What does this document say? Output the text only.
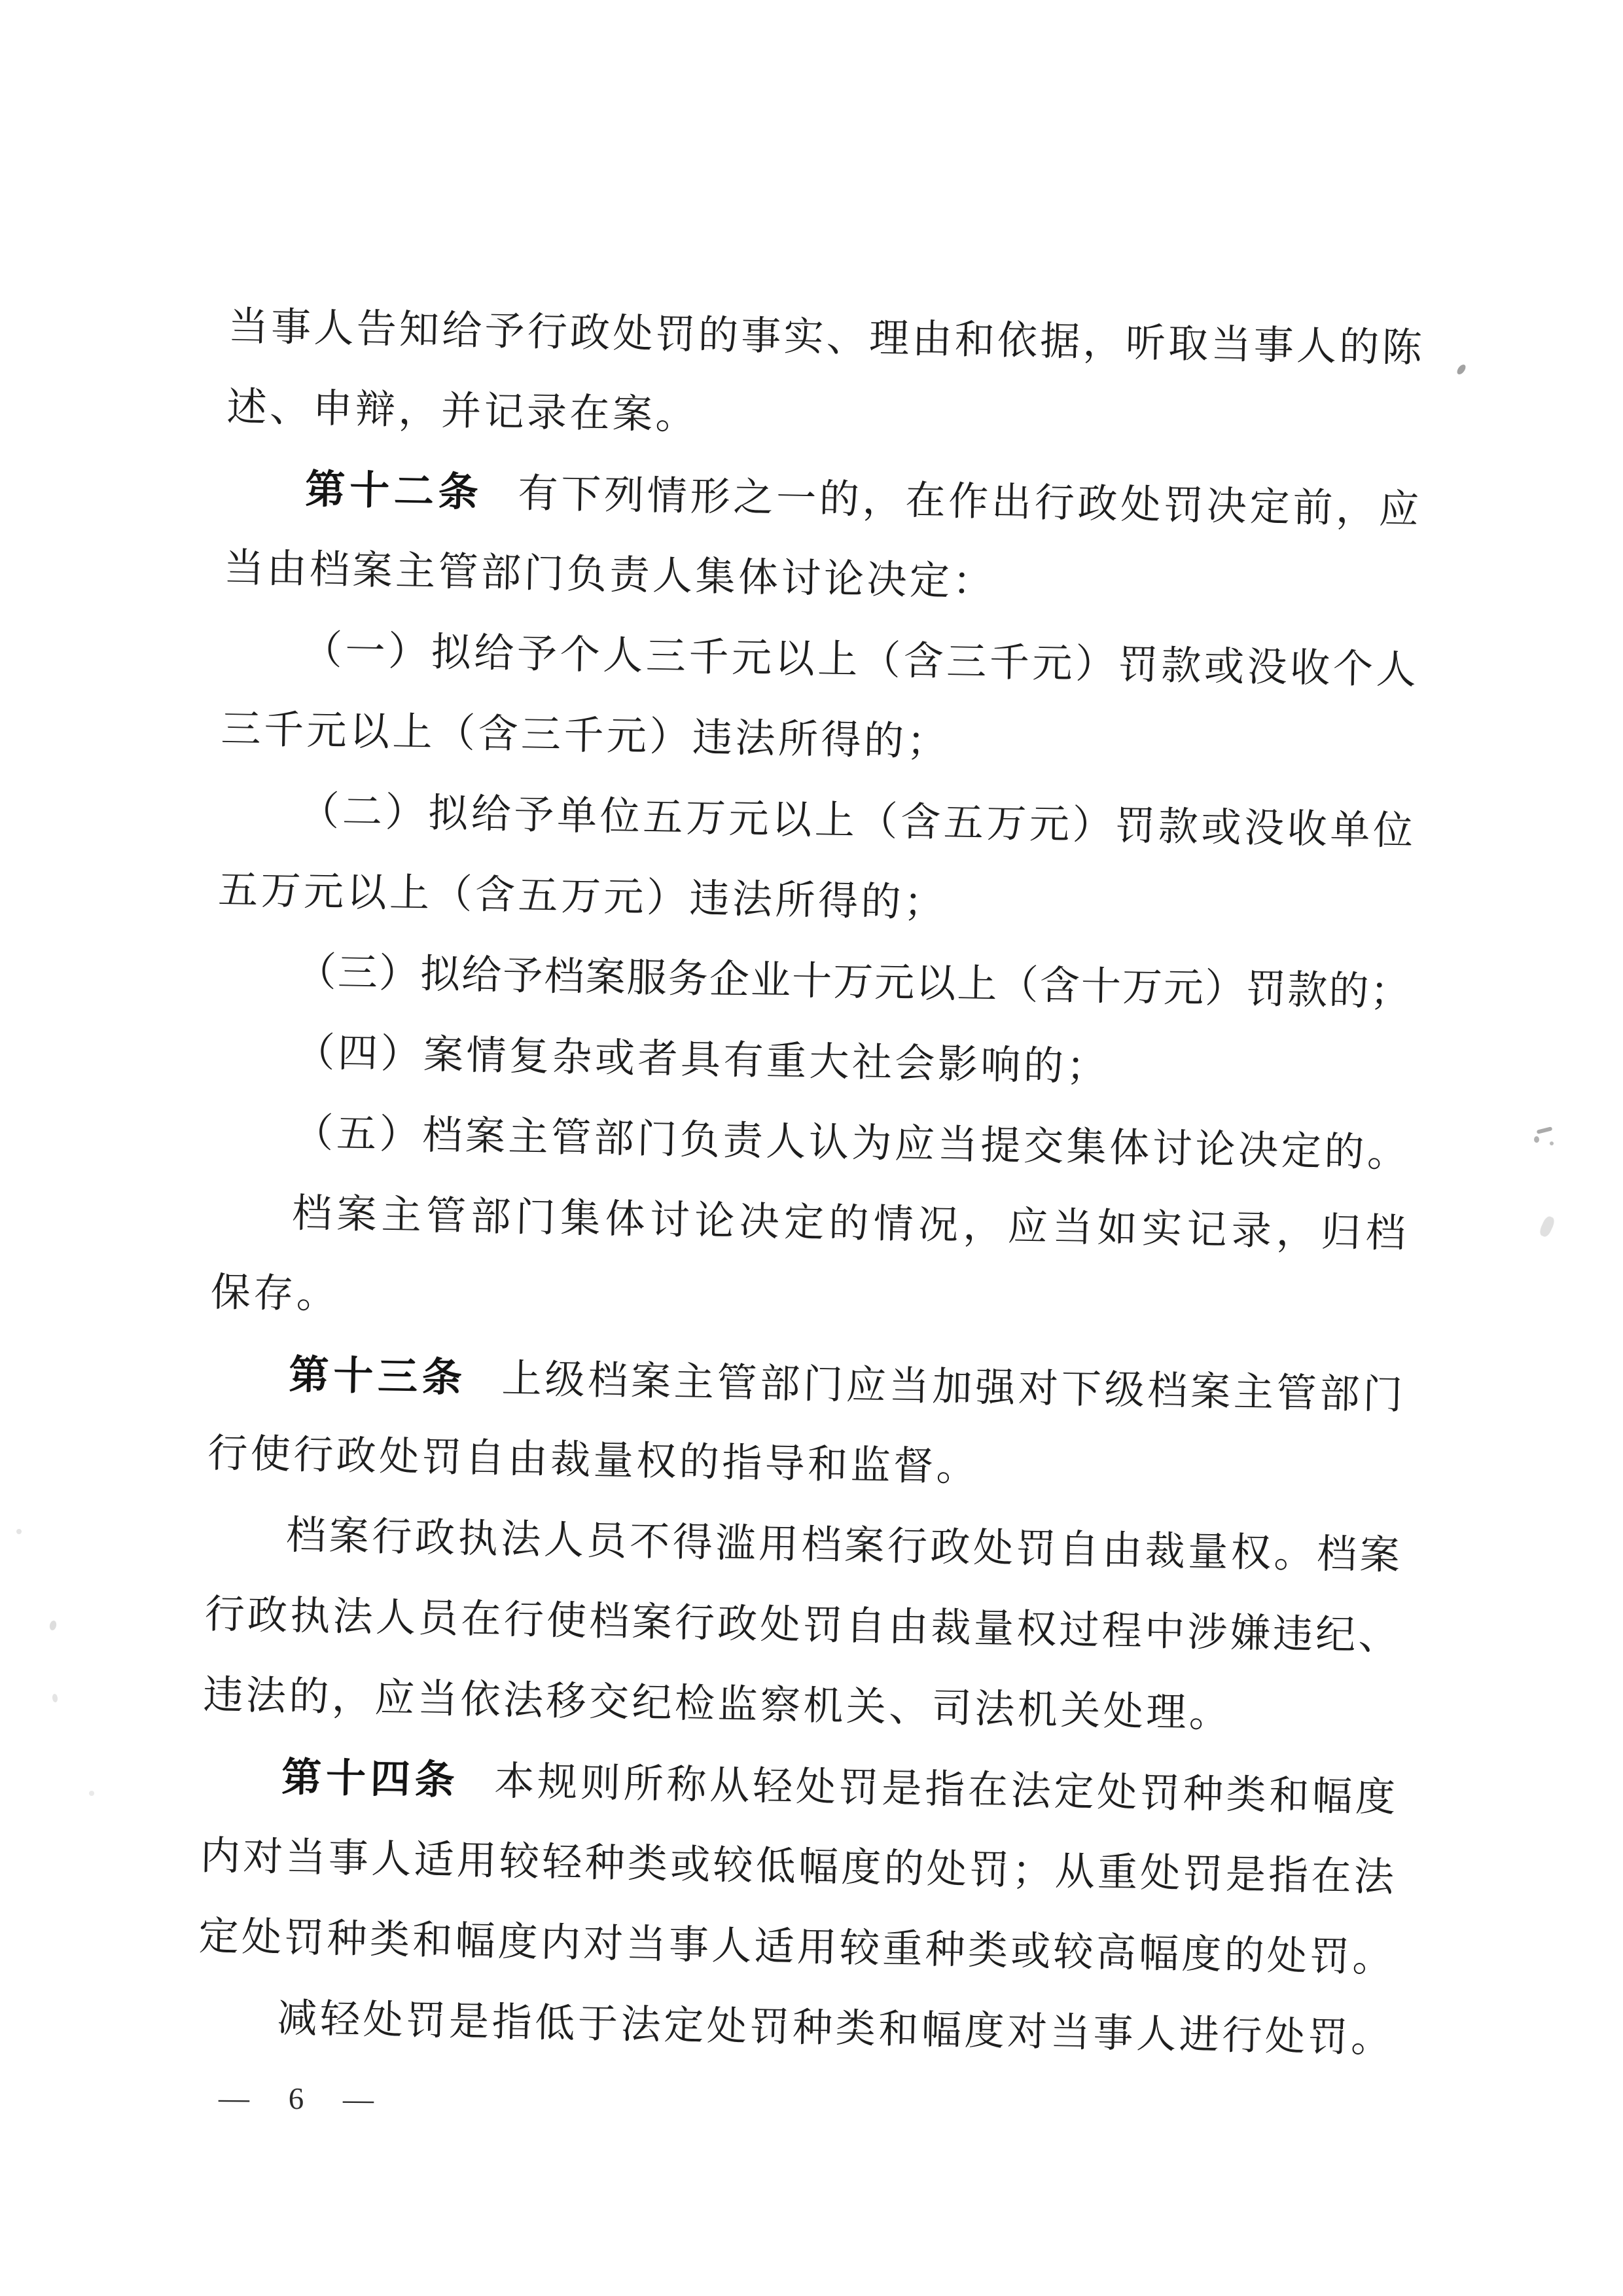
当事人告知给予行政处罚的事实、理由和依据，听取当事人的陈
述、申辩，并记录在案。
第十二条 有下列情形之一的，在作出行政处罚决定前，应
当由档案主管部门负责人集体讨论决定：
（一）拟给予个人三千元以上（含三千元）罚款或没收个人
三千元以上（含三千元）违法所得的；
（二）拟给予单位五万元以上（含五万元）罚款或没收单位
五万元以上（含五万元）违法所得的；
（三）拟给予档案服务企业十万元以上（含十万元）罚款的；
（四）案情复杂或者具有重大社会影响的；
（五）档案主管部门负责人认为应当提交集体讨论决定的。
档案主管部门集体讨论决定的情况，应当如实记录，归档
保存。
第十三条 上级档案主管部门应当加强对下级档案主管部门
行使行政处罚自由裁量权的指导和监督。
档案行政执法人员不得滥用档案行政处罚自由裁量权。档案
行政执法人员在行使档案行政处罚自由裁量权过程中涉嫌违纪、
违法的，应当依法移交纪检监察机关、司法机关处理。
第十四条 本规则所称从轻处罚是指在法定处罚种类和幅度
内对当事人适用较轻种类或较低幅度的处罚；从重处罚是指在法
定处罚种类和幅度内对当事人适用较重种类或较高幅度的处罚。
减轻处罚是指低于法定处罚种类和幅度对当事人进行处罚。
— 6 —
